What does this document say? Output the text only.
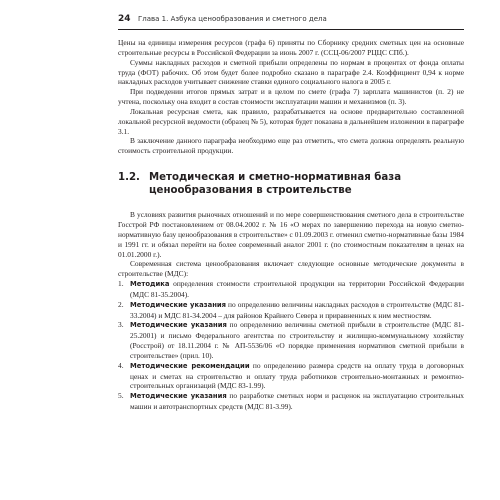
24 Глава 1. Азбука ценообразования и сметного дела

Цены на единицы измерения ресурсов (графа 6) приняты по Сборнику средних сметных цен на основные строительные ресурсы в Российской Федерации за июнь 2007 г. (ССЦ-06/2007 РЦЦС СПб.).

Суммы накладных расходов и сметной прибыли определены по нормам в процентах от фонда оплаты труда (ФОТ) рабочих. Об этом будет более подробно сказано в параграфе 2.4. Коэффициент 0,94 к норме накладных расходов учитывает снижение ставки единого социального налога в 2005 г.

При подведении итогов прямых затрат и в целом по смете (графа 7) зарплата машинистов (п. 2) не учтена, поскольку она входит в состав стоимости эксплуатации машин и механизмов (п. 3).

Локальная ресурсная смета, как правило, разрабатывается на основе предварительно составленной локальной ресурсной ведомости (образец № 5), которая будет показана в дальнейшем изложении в параграфе 3.1.

В заключение данного параграфа необходимо еще раз отметить, что смета должна определять реальную стоимость строительной продукции.

1.2. Методическая и сметно-нормативная база ценообразования в строительстве

В условиях развития рыночных отношений и по мере совершенствования сметного дела в строительстве Госстрой РФ постановлением от 08.04.2002 г. № 16 «О мерах по завершению перехода на новую сметно-нормативную базу ценообразования в строительстве» с 01.09.2003 г. отменил сметно-нормативные базы 1984 и 1991 гг. и обязал перейти на более современный аналог 2001 г. (по стоимостным показателям в ценах на 01.01.2000 г.).

Современная система ценообразования включает следующие основные методические документы в строительстве (МДС):

1. Методика определения стоимости строительной продукции на территории Российской Федерации (МДС 81-35.2004).
2. Методические указания по определению величины накладных расходов в строительстве (МДС 81-33.2004) и МДС 81-34.2004 – для районов Крайнего Севера и приравненных к ним местностям.
3. Методические указания по определению величины сметной прибыли в строительстве (МДС 81-25.2001) и письмо Федерального агентства по строительству и жилищно-коммунальному хозяйству (Росстрой) от 18.11.2004 г. № АП-5536/06 «О порядке применения нормативов сметной прибыли в строительстве» (прил. 10).
4. Методические рекомендации по определению размера средств на оплату труда в договорных ценах и сметах на строительство и оплату труда работников строительно-монтажных и ремонтно-строительных организаций (МДС 83-1.99).
5. Методические указания по разработке сметных норм и расценок на эксплуатацию строительных машин и автотранспортных средств (МДС 81-3.99).
